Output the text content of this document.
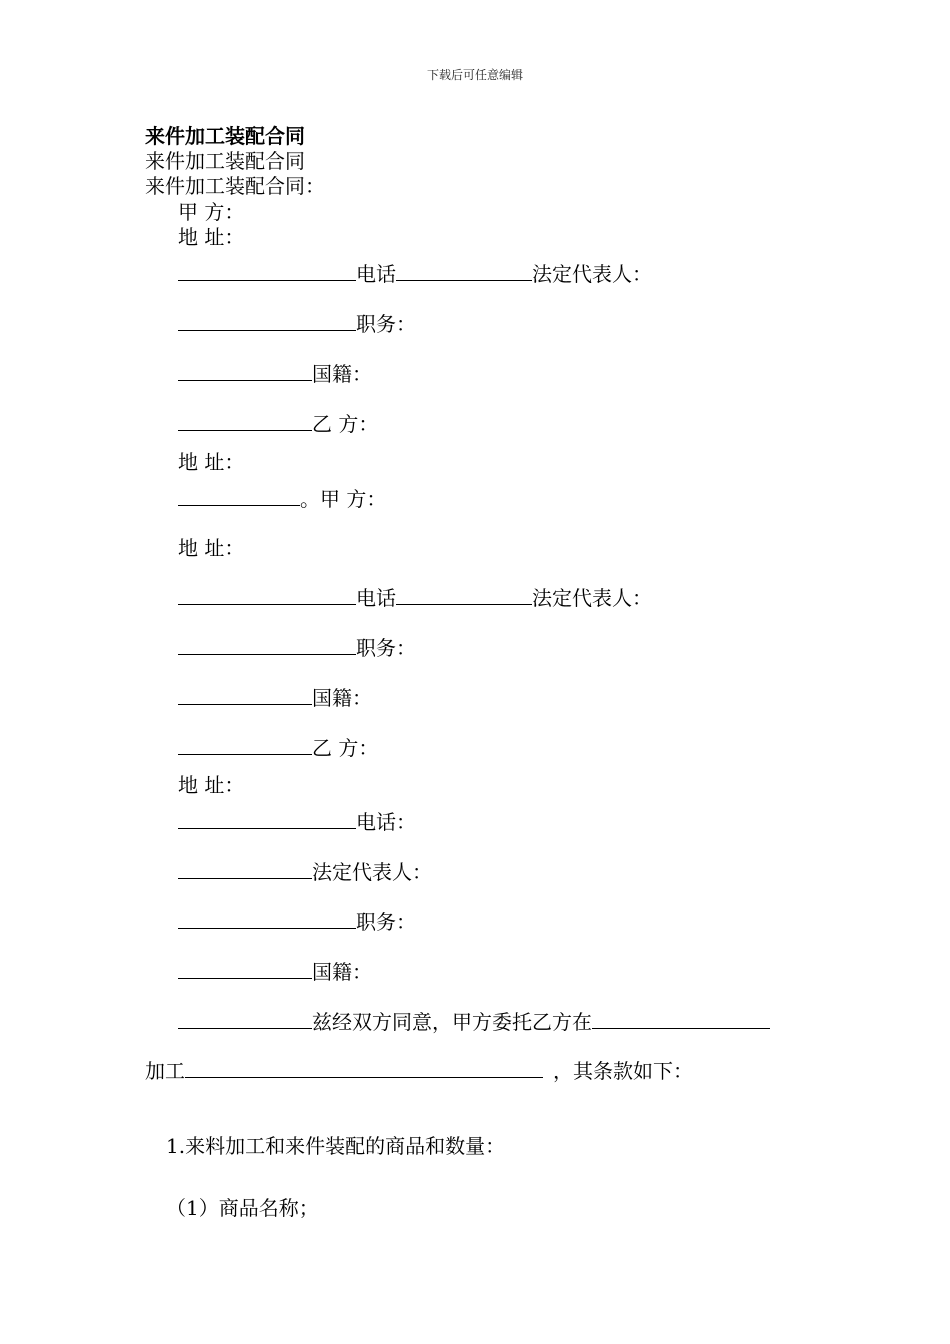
下载后可任意编辑
来件加工装配合同
来件加工装配合同
来件加工装配合同：
甲 方：
地 址：
电话	法定代表人：
职务：
国籍：
乙 方：
地 址：
。甲 方：
地 址：
电话	法定代表人：
职务：
国籍：
乙 方：
地 址：
电话：
法定代表人：
职务：
国籍：
兹经双方同意，甲方委托乙方在
加工	，其条款如下：
1.来料加工和来件装配的商品和数量：
（1）商品名称；
